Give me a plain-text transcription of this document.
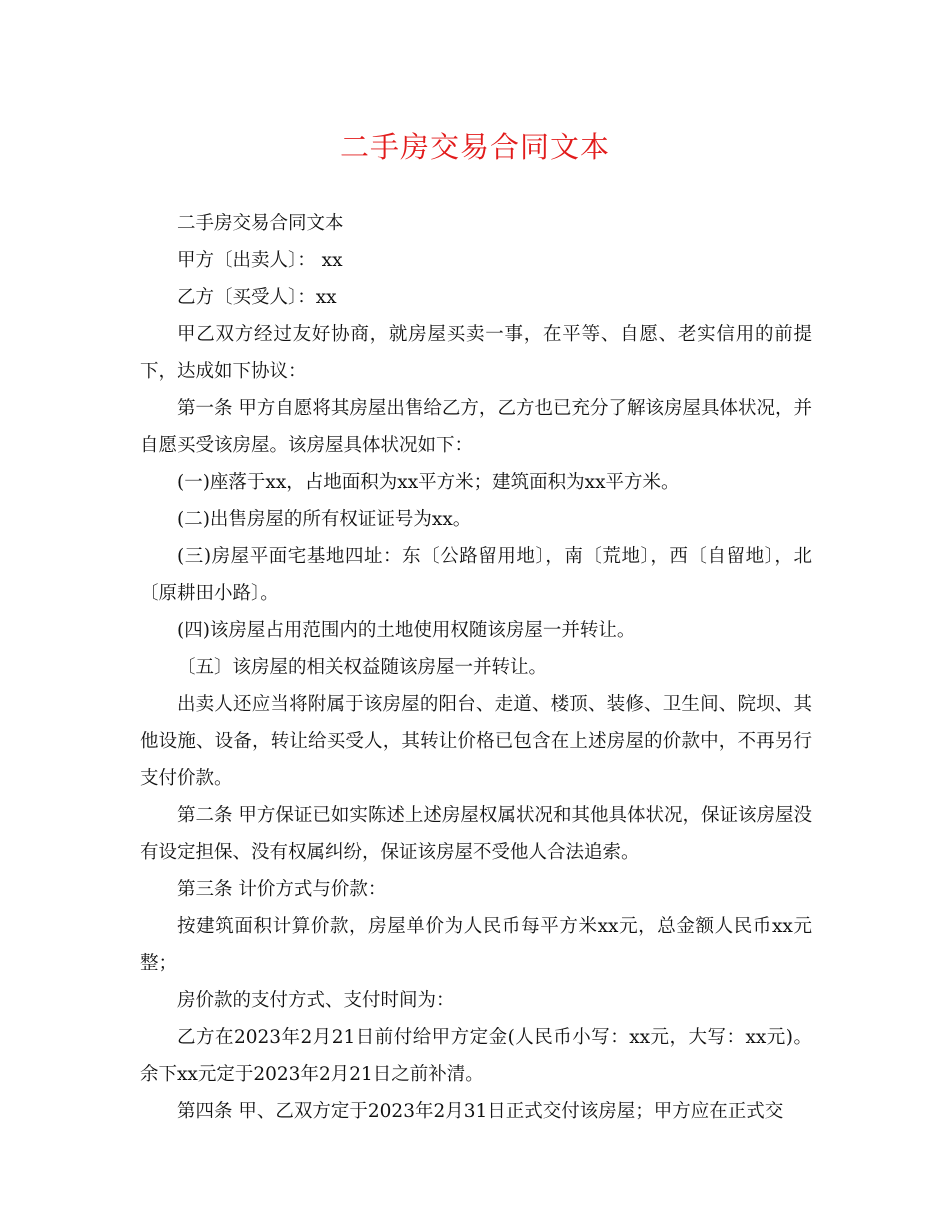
二手房交易合同文本

二手房交易合同文本

甲方〔出卖人〕： xx

乙方〔买受人〕：xx

甲乙双方经过友好协商，就房屋买卖一事，在平等、自愿、老实信用的前提下，达成如下协议：

第一条 甲方自愿将其房屋出售给乙方，乙方也已充分了解该房屋具体状况，并自愿买受该房屋。该房屋具体状况如下：

(一)座落于xx，占地面积为xx平方米；建筑面积为xx平方米。

(二)出售房屋的所有权证证号为xx。

(三)房屋平面宅基地四址：东〔公路留用地〕，南〔荒地〕，西〔自留地〕，北〔原耕田小路〕。

(四)该房屋占用范围内的土地使用权随该房屋一并转让。

〔五〕该房屋的相关权益随该房屋一并转让。

出卖人还应当将附属于该房屋的阳台、走道、楼顶、装修、卫生间、院坝、其他设施、设备，转让给买受人，其转让价格已包含在上述房屋的价款中，不再另行支付价款。

第二条 甲方保证已如实陈述上述房屋权属状况和其他具体状况，保证该房屋没有设定担保、没有权属纠纷，保证该房屋不受他人合法追索。

第三条 计价方式与价款：

按建筑面积计算价款，房屋单价为人民币每平方米xx元，总金额人民币xx元整；

房价款的支付方式、支付时间为：

乙方在2023年2月21日前付给甲方定金(人民币小写：xx元，大写：xx元)。余下xx元定于2023年2月21日之前补清。

第四条 甲、乙双方定于2023年2月31日正式交付该房屋；甲方应在正式交
